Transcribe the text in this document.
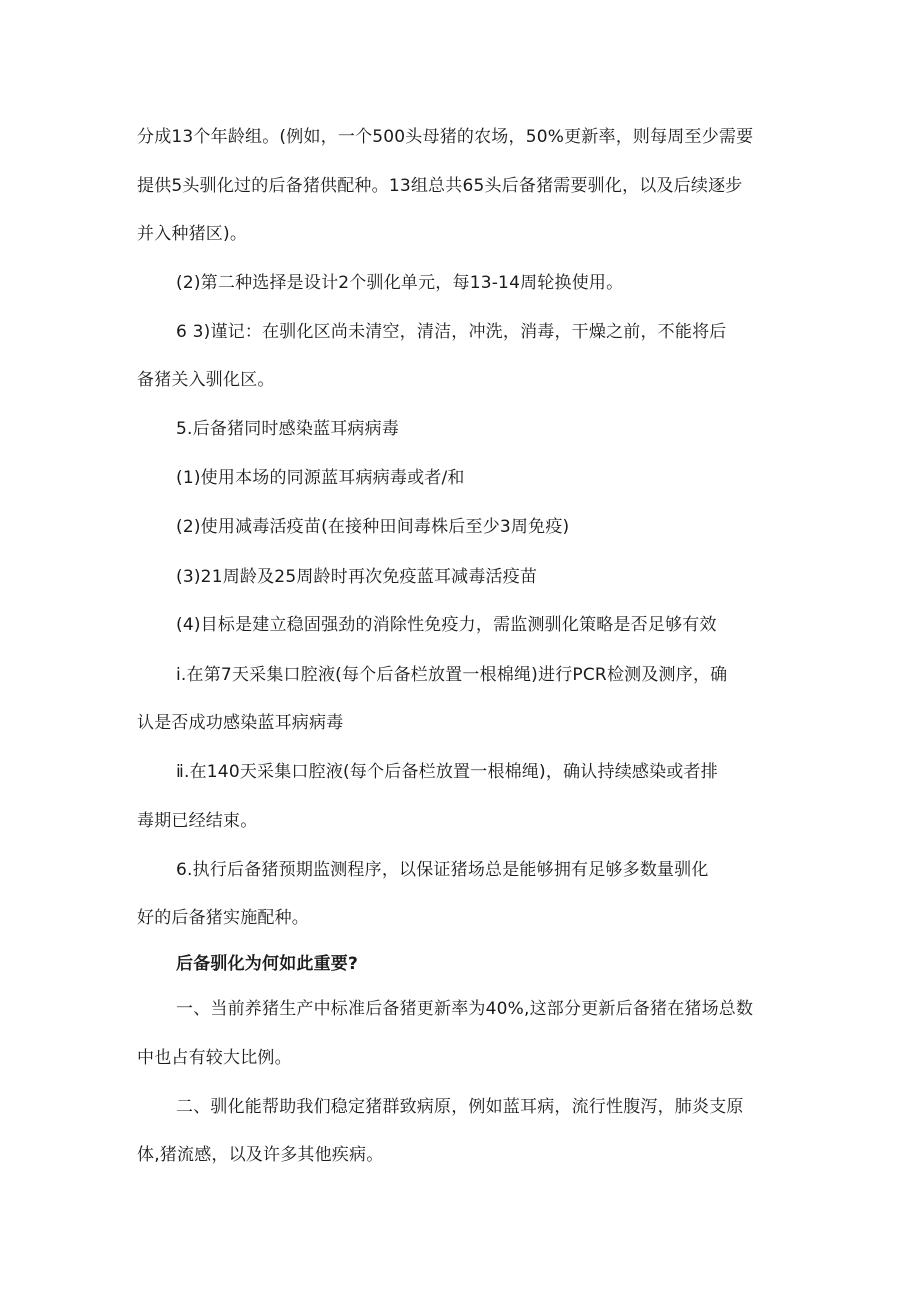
分成13个年龄组。(例如，一个500头母猪的农场，50%更新率，则每周至少需要
提供5头驯化过的后备猪供配种。13组总共65头后备猪需要驯化，以及后续逐步
并入种猪区)。
(2)第二种选择是设计2个驯化单元，每13-14周轮换使用。
6 3)谨记：在驯化区尚未清空，清洁，冲洗，消毒，干燥之前，不能将后
备猪关入驯化区。
5.后备猪同时感染蓝耳病病毒
(1)使用本场的同源蓝耳病病毒或者/和
(2)使用减毒活疫苗(在接种田间毒株后至少3周免疫)
(3)21周龄及25周龄时再次免疫蓝耳减毒活疫苗
(4)目标是建立稳固强劲的消除性免疫力，需监测驯化策略是否足够有效
ⅰ.在第7天采集口腔液(每个后备栏放置一根棉绳)进行PCR检测及测序，确
认是否成功感染蓝耳病病毒
ⅱ.在140天采集口腔液(每个后备栏放置一根棉绳)，确认持续感染或者排
毒期已经结束。
6.执行后备猪预期监测程序，以保证猪场总是能够拥有足够多数量驯化
好的后备猪实施配种。
后备驯化为何如此重要?
一、当前养猪生产中标准后备猪更新率为40%,这部分更新后备猪在猪场总数
中也占有较大比例。
二、驯化能帮助我们稳定猪群致病原，例如蓝耳病，流行性腹泻，肺炎支原
体,猪流感，以及许多其他疾病。
